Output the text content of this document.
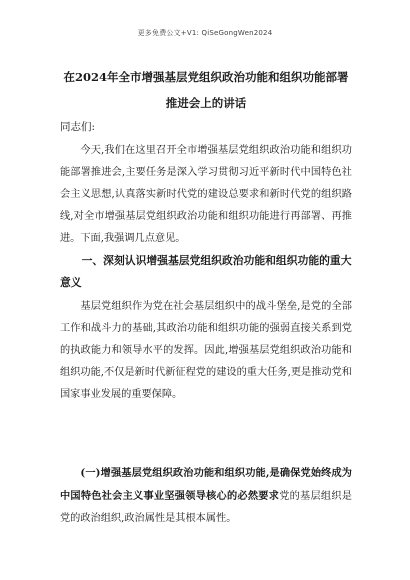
更多免费公文+V1: QiSeGongWen2024
在2024年全市增强基层党组织政治功能和组织功能部署推进会上的讲话

同志们:

今天,我们在这里召开全市增强基层党组织政治功能和组织功能部署推进会,主要任务是深入学习贯彻习近平新时代中国特色社会主义思想,认真落实新时代党的建设总要求和新时代党的组织路线,对全市增强基层党组织政治功能和组织功能进行再部署、再推进。下面,我强调几点意见。

一、深刻认识增强基层党组织政治功能和组织功能的重大意义

基层党组织作为党在社会基层组织中的战斗堡垒,是党的全部工作和战斗力的基础,其政治功能和组织功能的强弱直接关系到党的执政能力和领导水平的发挥。因此,增强基层党组织政治功能和组织功能,不仅是新时代新征程党的建设的重大任务,更是推动党和国家事业发展的重要保障。

(一)增强基层党组织政治功能和组织功能,是确保党始终成为中国特色社会主义事业坚强领导核心的必然要求党的基层组织是党的政治组织,政治属性是其根本属性。
